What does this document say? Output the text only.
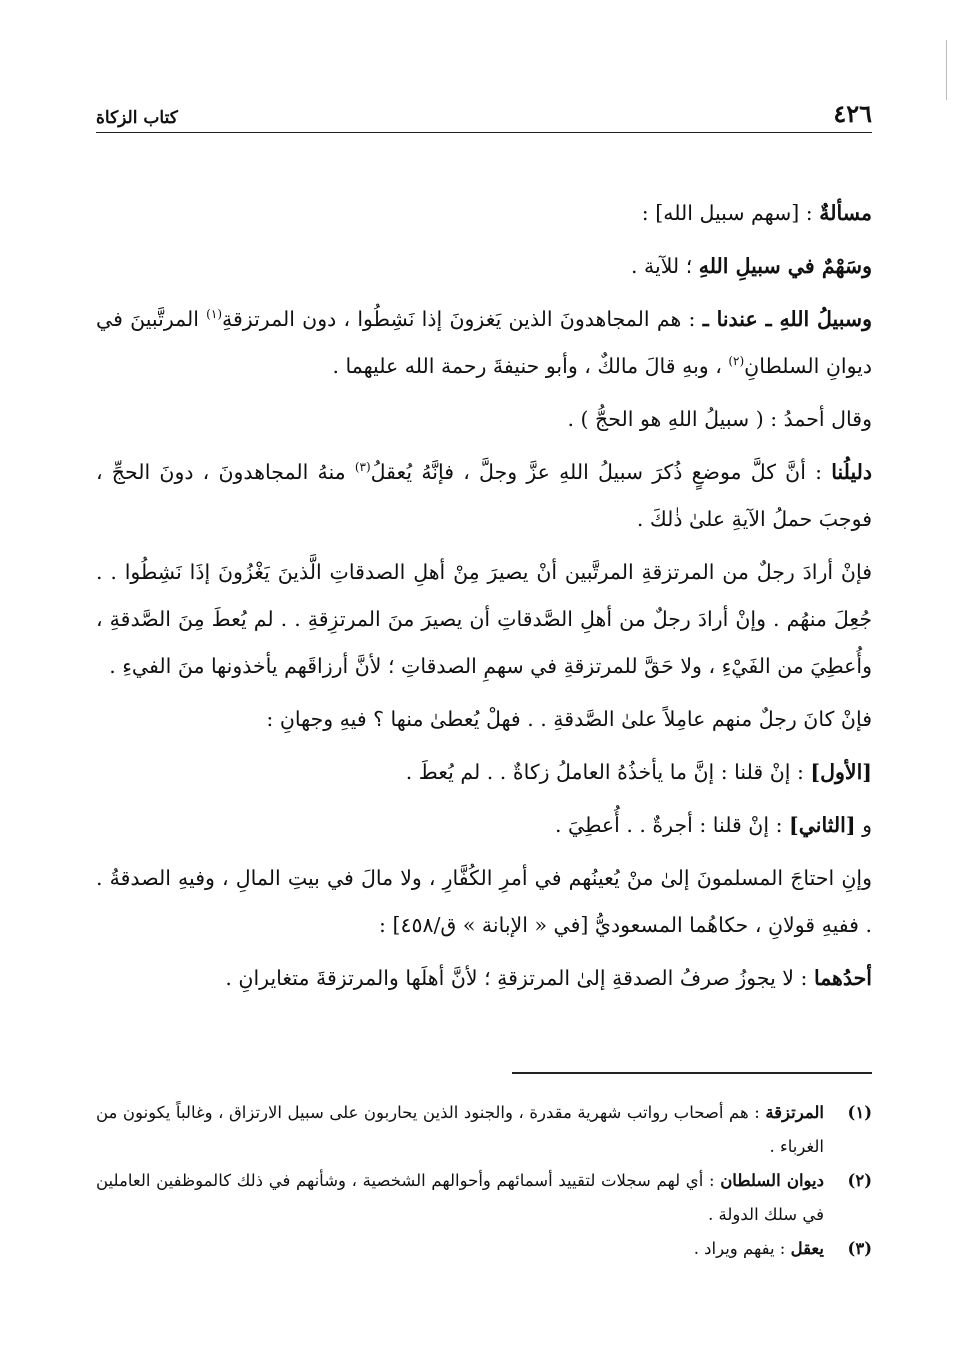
٤٢٦
كتاب الزكاة

مسألةٌ : [سهم سبيل الله] :

وسَهْمٌ في سبيلِ اللهِ ؛ للآية .

وسبيلُ اللهِ ـ عندنا ـ : هم المجاهدونَ الذين يَغزونَ إذا نَشِطُوا ، دون المرتزقةِ$^{(١)}$ المرتَّبينَ في ديوانِ السلطانِ$^{(٢)}$ ، وبهِ قالَ مالكٌ ، وأبو حنيفةَ رحمة الله عليهما .

وقال أحمدُ : ( سبيلُ اللهِ هو الحجُّ ) .

دليلُنا : أنَّ كلَّ موضعٍ ذُكرَ سبيلُ اللهِ عزَّ وجلَّ ، فإنَّهُ يُعقلُ$^{(٣)}$ منهُ المجاهدونَ ، دونَ الحجِّ ، فوجبَ حملُ الآيةِ علىٰ ذٰلكَ .

فإنْ أرادَ رجلٌ من المرتزقةِ المرتَّبين أنْ يصيرَ مِنْ أهلِ الصدقاتِ الَّذينَ يَغْزُونَ إذَا نَشِطُوا . . جُعِلَ منهُم . وإنْ أرادَ رجلٌ من أهلِ الصَّدقاتِ أن يصيرَ منَ المرتزِقةِ . . لم يُعطَ مِنَ الصَّدقةِ ، وأُعطِيَ من الفَيْءِ ، ولا حَقَّ للمرتزقةِ في سهمِ الصدقاتِ ؛ لأنَّ أرزاقَهم يأخذونها منَ الفيءِ .

فإنْ كانَ رجلٌ منهم عامِلاً علىٰ الصَّدقةِ . . فهلْ يُعطىٰ منها ؟ فيهِ وجهانِ :

[الأول] : إنْ قلنا : إنَّ ما يأخذُهُ العاملُ زكاةٌ . . لم يُعطَ .

و [الثاني] : إنْ قلنا : أجرةٌ . . أُعطِيَ .

وإنِ احتاجَ المسلمونَ إلىٰ منْ يُعينُهم في أمرِ الكُفَّارِ ، ولا مالَ في بيتِ المالِ ، وفيهِ الصدقةُ . . ففيهِ قولانِ ، حكاهُما المسعوديُّ [في « الإبانة » ق/٤٥٨] :

أحدُهما : لا يجوزُ صرفُ الصدقةِ إلىٰ المرتزقةِ ؛ لأنَّ أهلَها والمرتزقةَ متغايرانِ .

(١)
المرتزقة : هم أصحاب رواتب شهرية مقدرة ، والجنود الذين يحاربون على سبيل الارتزاق ، وغالباً يكونون من الغرباء .
(٢)
ديوان السلطان : أي لهم سجلات لتقييد أسمائهم وأحوالهم الشخصية ، وشأنهم في ذلك كالموظفين العاملين في سلك الدولة .
(٣)
يعقل : يفهم ويراد .
